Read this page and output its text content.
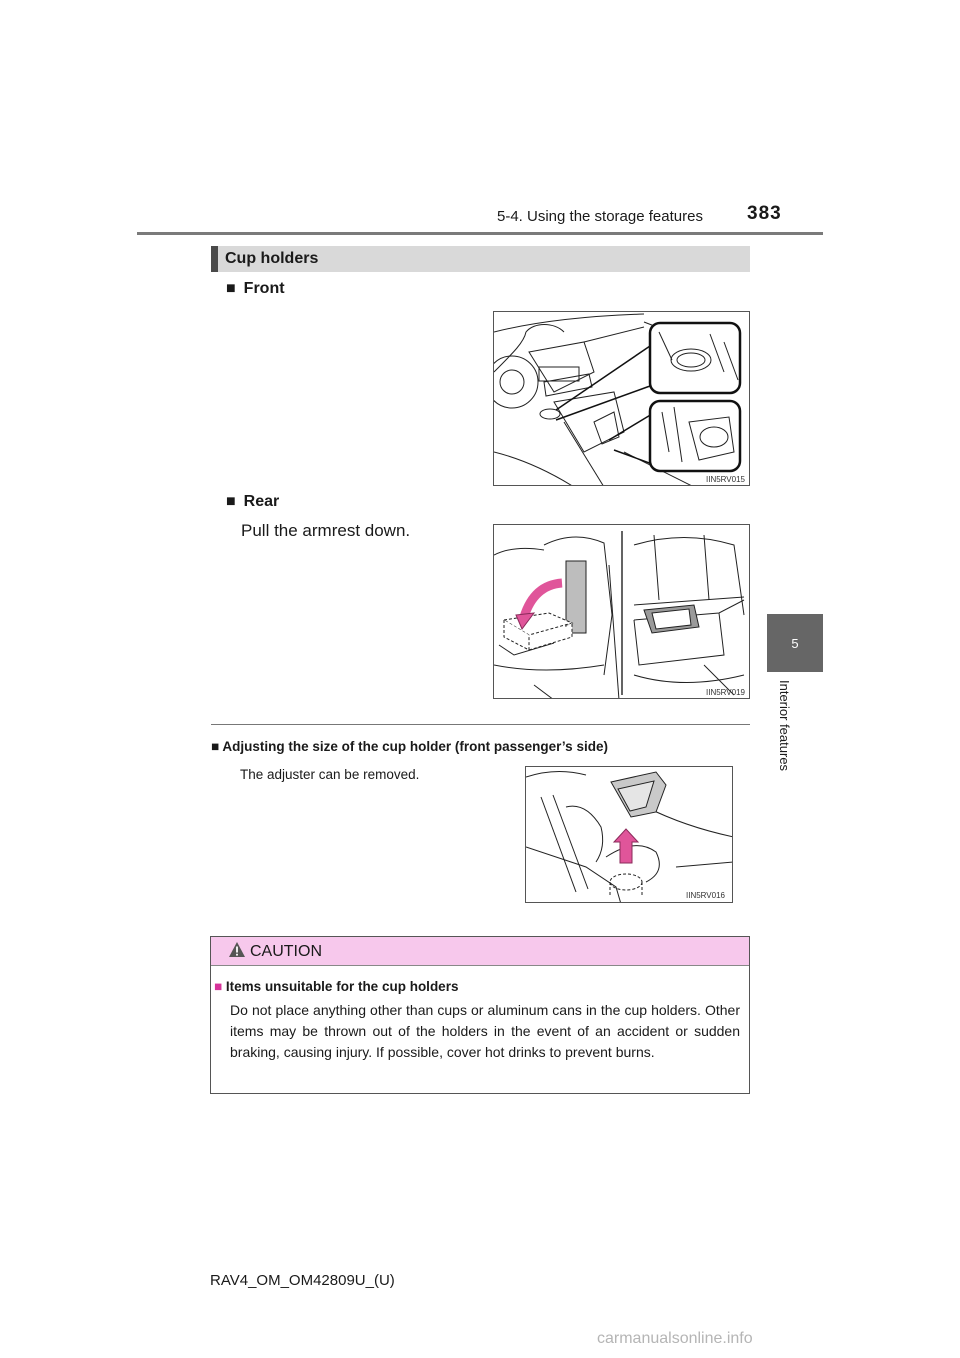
5-4. Using the storage features 383
5
Interior features
Cup holders
■ Front
IIN5RV015
■ Rear
Pull the armrest down.
IIN5RV019
■ Adjusting the size of the cup holder (front passenger’s side)
The adjuster can be removed.
IIN5RV016
CAUTION
■ Items unsuitable for the cup holders
Do not place anything other than cups or aluminum cans in the cup holders. Other items may be thrown out of the holders in the event of an accident or sudden braking, causing injury. If possible, cover hot drinks to prevent burns.
RAV4_OM_OM42809U_(U)
carmanualsonline.info
